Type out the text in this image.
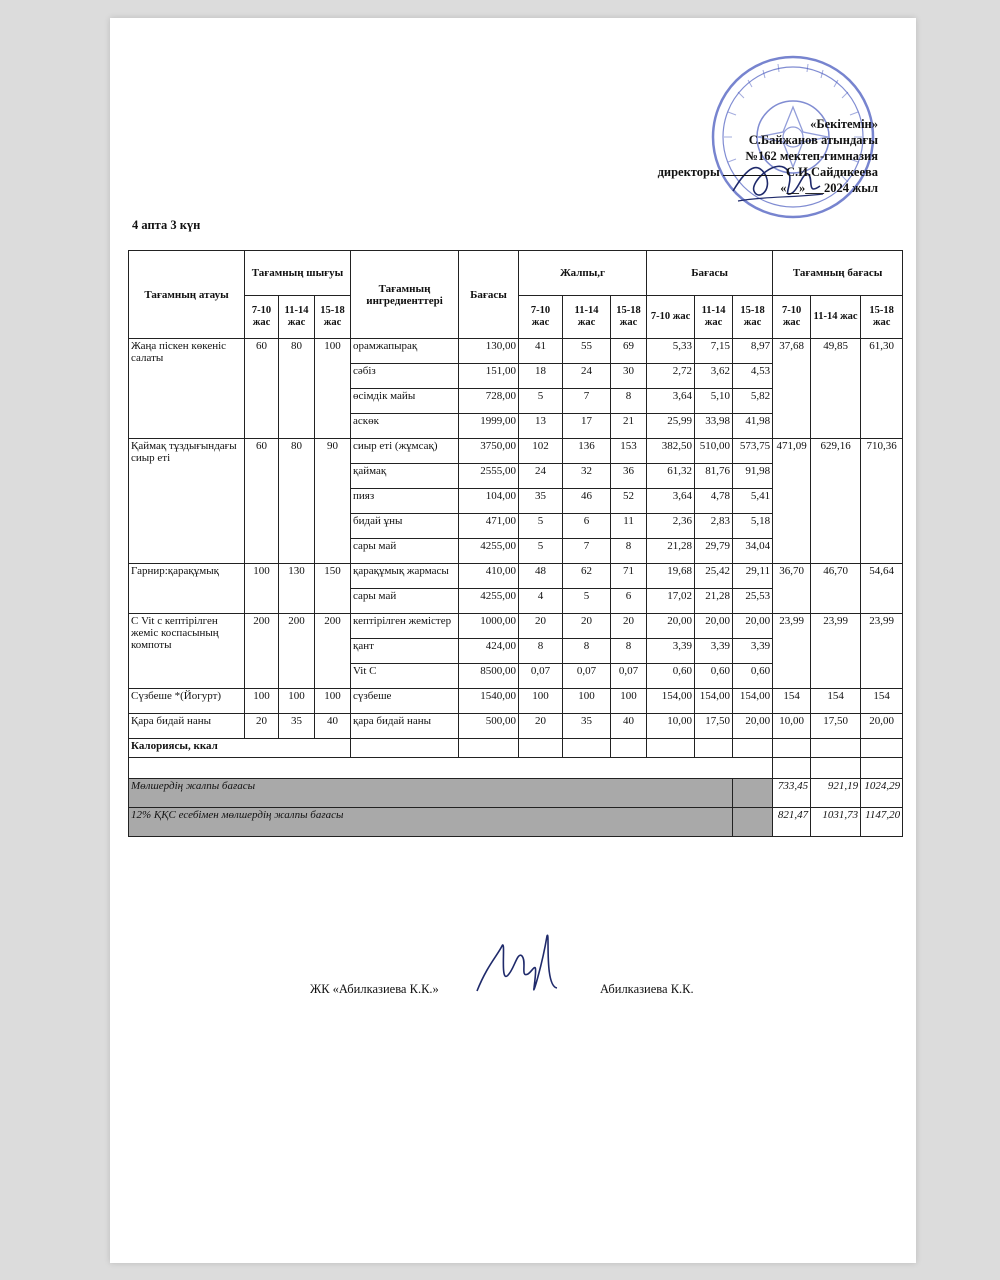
«Бекітемін»
С.Байжанов атындағы
№162 мектеп-гимназия
директоры	С.И.Сайдикеева
«__»___2024 жыл
4 апта 3 күн
Тағамның атауы	Тағамның шығуы			Тағамның ингредиенттері	Бағасы	Жалпы,г			Бағасы			Тағамның бағасы		
	7-10 жас	11-14 жас	15-18 жас			7-10 жас	11-14 жас	15-18 жас	7-10 жас	11-14 жас	15-18 жас	7-10 жас	11-14 жас	15-18 жас
Жаңа піскен көкеніс салаты	60	80	100	орамжапырақ	130,00	41	55	69	5,33	7,15	8,97	37,68	49,85	61,30
				сәбіз	151,00	18	24	30	2,72	3,62	4,53			
				өсімдік майы	728,00	5	7	8	3,64	5,10	5,82			
				аскөк	1999,00	13	17	21	25,99	33,98	41,98			
Қаймақ тұздығындағы сиыр еті	60	80	90	сиыр еті (жұмсақ)	3750,00	102	136	153	382,50	510,00	573,75	471,09	629,16	710,36
				қаймақ	2555,00	24	32	36	61,32	81,76	91,98			
				пияз	104,00	35	46	52	3,64	4,78	5,41			
				бидай ұны	471,00	5	6	11	2,36	2,83	5,18			
				сары май	4255,00	5	7	8	21,28	29,79	34,04			
Гарнир:қарақұмық	100	130	150	қарақұмық жармасы	410,00	48	62	71	19,68	25,42	29,11	36,70	46,70	54,64
				сары май	4255,00	4	5	6	17,02	21,28	25,53			
С Vit с кептірілген жеміс коспасының компоты	200	200	200	кептірілген жемістер	1000,00	20	20	20	20,00	20,00	20,00	23,99	23,99	23,99
				қант	424,00	8	8	8	3,39	3,39	3,39			
				Vit C	8500,00	0,07	0,07	0,07	0,60	0,60	0,60			
Сүзбеше *(Йогурт)	100	100	100	сүзбеше	1540,00	100	100	100	154,00	154,00	154,00	154	154	154
Қара бидай наны	20	35	40	қара бидай наны	500,00	20	35	40	10,00	17,50	20,00	10,00	17,50	20,00
Калориясы, ккал														

Мөлшердің жалпы бағасы												733,45	921,19	1024,29
12% ҚҚС есебімен мөлшердің жалпы бағасы												821,47	1031,73	1147,20
ЖК «Абилказиева К.К.»	Абилказиева К.К.
